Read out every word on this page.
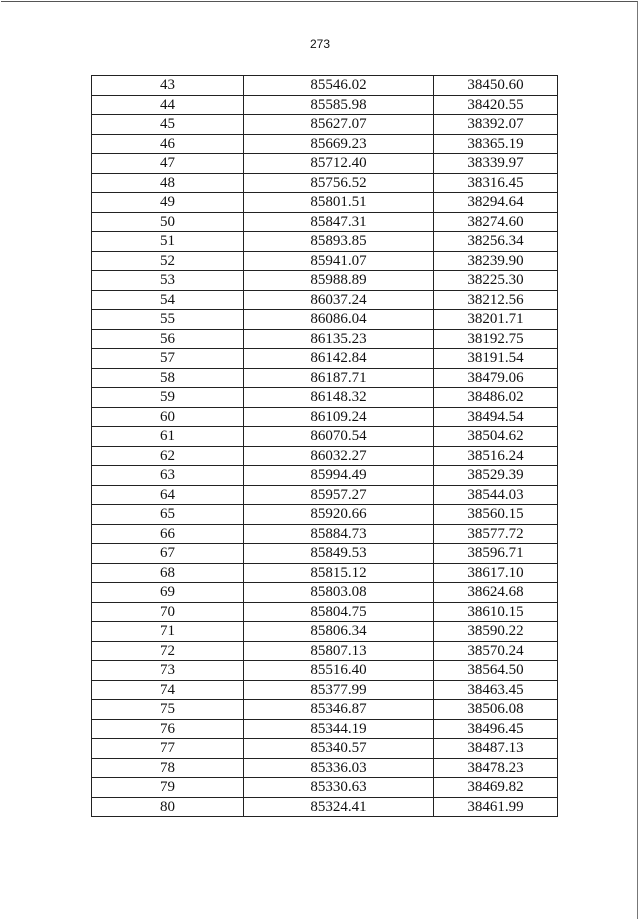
273
43	85546.02	38450.60
44	85585.98	38420.55
45	85627.07	38392.07
46	85669.23	38365.19
47	85712.40	38339.97
48	85756.52	38316.45
49	85801.51	38294.64
50	85847.31	38274.60
51	85893.85	38256.34
52	85941.07	38239.90
53	85988.89	38225.30
54	86037.24	38212.56
55	86086.04	38201.71
56	86135.23	38192.75
57	86142.84	38191.54
58	86187.71	38479.06
59	86148.32	38486.02
60	86109.24	38494.54
61	86070.54	38504.62
62	86032.27	38516.24
63	85994.49	38529.39
64	85957.27	38544.03
65	85920.66	38560.15
66	85884.73	38577.72
67	85849.53	38596.71
68	85815.12	38617.10
69	85803.08	38624.68
70	85804.75	38610.15
71	85806.34	38590.22
72	85807.13	38570.24
73	85516.40	38564.50
74	85377.99	38463.45
75	85346.87	38506.08
76	85344.19	38496.45
77	85340.57	38487.13
78	85336.03	38478.23
79	85330.63	38469.82
80	85324.41	38461.99
